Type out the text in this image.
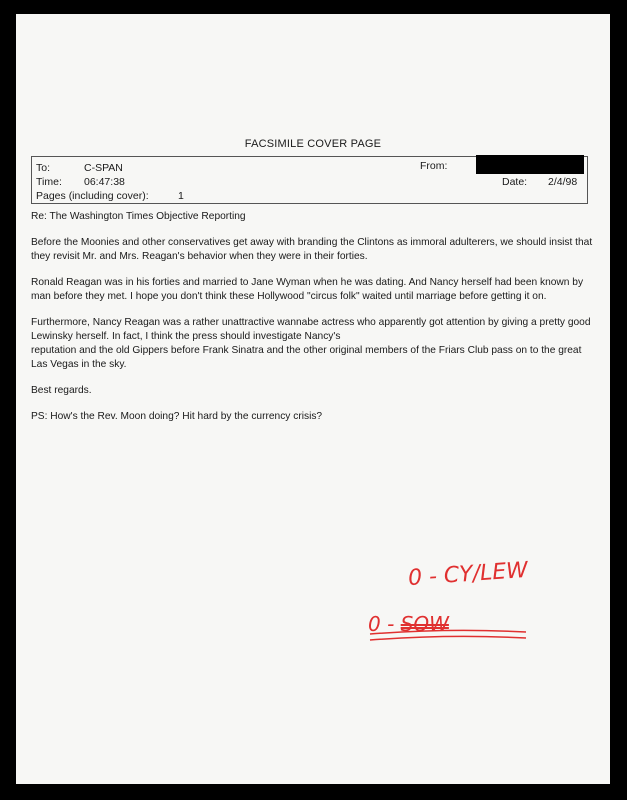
FACSIMILE COVER PAGE
To:	C-SPAN
Time: 06:47:38
Pages (including cover):	1
From:
Date: 2/4/98

Re: The Washington Times Objective Reporting

Before the Moonies and other conservatives get away with branding the Clintons as immoral adulterers, we should insist that they revisit Mr. and Mrs. Reagan's behavior when they were in their forties.

Ronald Reagan was in his forties and married to Jane Wyman when he was dating. And Nancy herself had been known by man before they met. I hope you don't think these Hollywood "circus folk" waited until marriage before getting it on.

Furthermore, Nancy Reagan was a rather unattractive wannabe actress who apparently got attention by giving a pretty good Lewinsky herself. In fact, I think the press should investigate Nancy's

reputation and the old Gippers before Frank Sinatra and the other original members of the Friars Club pass on to the great Las Vegas in the sky.

Best regards.

PS: How's the Rev. Moon doing? Hit hard by the currency crisis?

0 - CY/LEW
0 - SOW
